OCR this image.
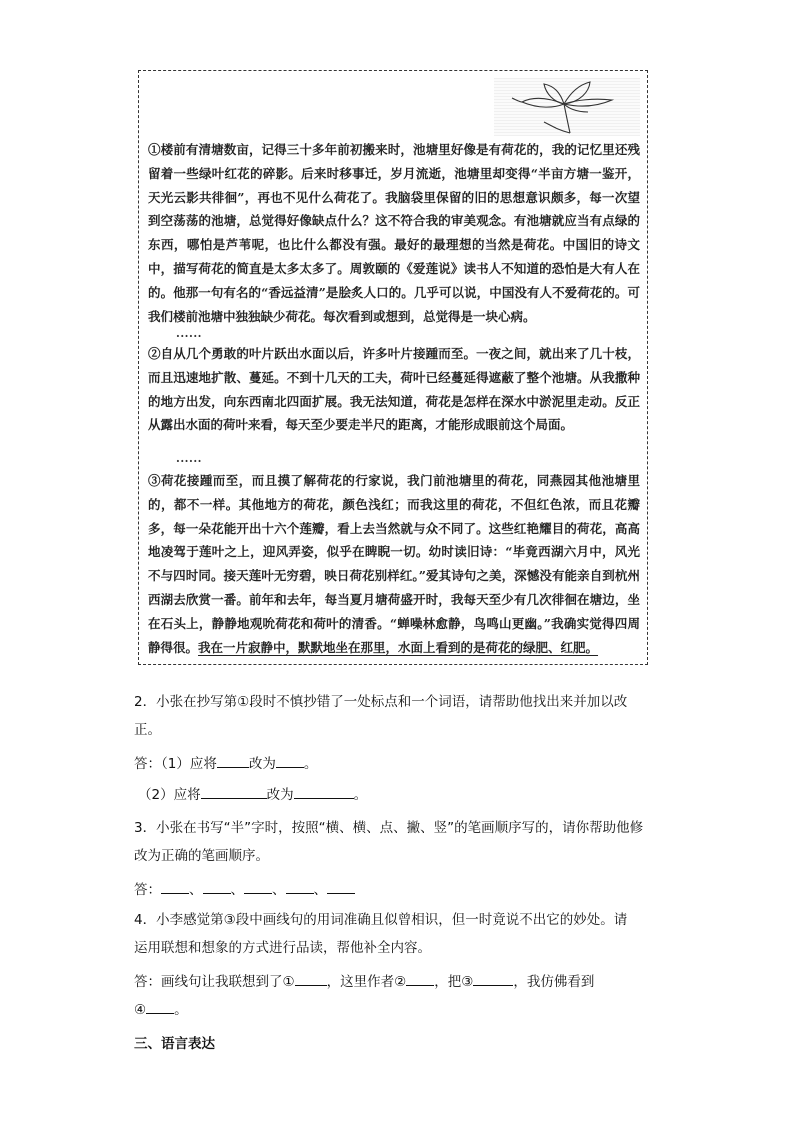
①楼前有清塘数亩，记得三十多年前初搬来时，池塘里好像是有荷花的，我的记忆里还残留着一些绿叶红花的碎影。后来时移事迁，岁月流逝，池塘里却变得“半亩方塘一鉴开，天光云影共徘徊”，再也不见什么荷花了。我脑袋里保留的旧的思想意识颇多，每一次望到空荡荡的池塘，总觉得好像缺点什么？这不符合我的审美观念。有池塘就应当有点绿的东西，哪怕是芦苇呢，也比什么都没有强。最好的最理想的当然是荷花。中国旧的诗文中，描写荷花的简直是太多太多了。周敦颐的《爱莲说》读书人不知道的恐怕是大有人在的。他那一句有名的“香远益清”是脍炙人口的。几乎可以说，中国没有人不爱荷花的。可我们楼前池塘中独独缺少荷花。每次看到或想到，总觉得是一块心病。

······

②自从几个勇敢的叶片跃出水面以后，许多叶片接踵而至。一夜之间，就出来了几十枝，而且迅速地扩散、蔓延。不到十几天的工夫，荷叶已经蔓延得遮蔽了整个池塘。从我撒种的地方出发，向东西南北四面扩展。我无法知道，荷花是怎样在深水中淤泥里走动。反正从露出水面的荷叶来看，每天至少要走半尺的距离，才能形成眼前这个局面。

······

③荷花接踵而至，而且摸了解荷花的行家说，我门前池塘里的荷花，同燕园其他池塘里的，都不一样。其他地方的荷花，颜色浅红；而我这里的荷花，不但红色浓，而且花瓣多，每一朵花能开出十六个莲瓣，看上去当然就与众不同了。这些红艳耀目的荷花，高高地凌驾于莲叶之上，迎风弄姿，似乎在睥睨一切。幼时读旧诗：“毕竟西湖六月中，风光不与四时同。接天莲叶无穷碧，映日荷花别样红。”爱其诗句之美，深憾没有能亲自到杭州西湖去欣赏一番。前年和去年，每当夏月塘荷盛开时，我每天至少有几次徘徊在塘边，坐在石头上，静静地观吮荷花和荷叶的清香。“蝉噪林愈静，鸟鸣山更幽。”我确实觉得四周静得很。我在一片寂静中，默默地坐在那里，水面上看到的是荷花的绿肥、红肥。

2．小张在抄写第①段时不慎抄错了一处标点和一个词语，请帮助他找出来并加以改
正。

答：（1）应将 改为 。

（2）应将	改为	。

3．小张在书写“半”字时，按照“横、横、点、撇、竖”的笔画顺序写的，请你帮助他修
改为正确的笔画顺序。

答： 、 、 、 、

4．小李感觉第③段中画线句的用词准确且似曾相识，但一时竟说不出它的妙处。请
运用联想和想象的方式进行品读，帮他补全内容。

答：画线句让我联想到了① ，这里作者② ，把③	，我仿佛看到
④ 。

三、语言表达
